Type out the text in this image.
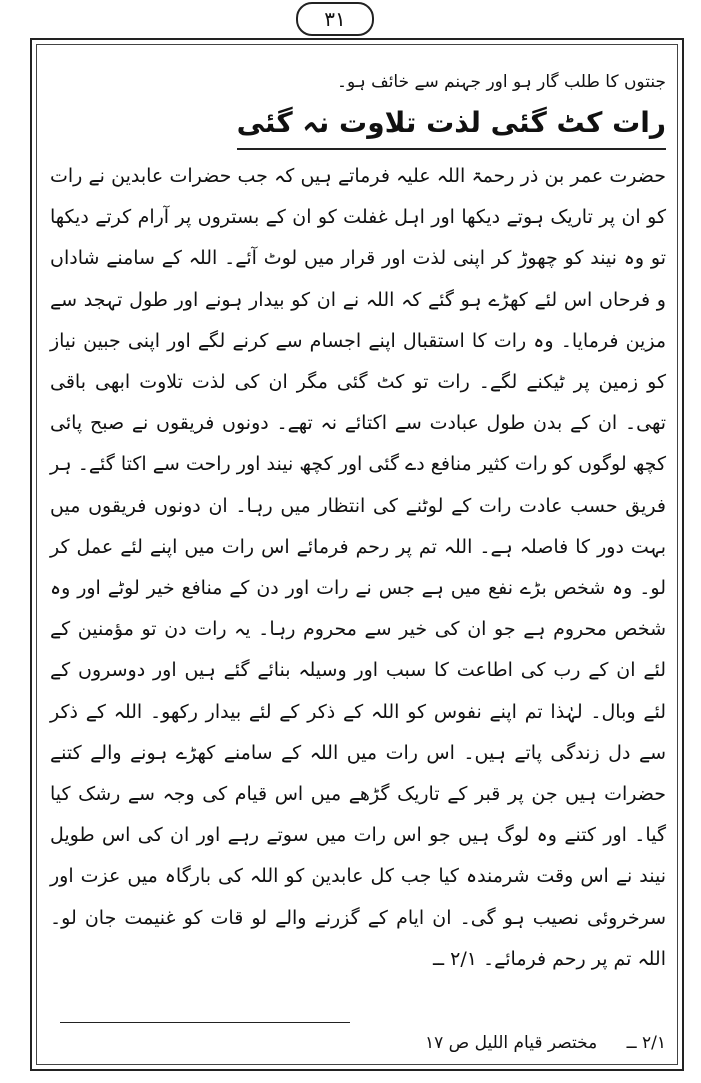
۳۱

جنتوں کا طلب گار ہو اور جہنم سے خائف ہو۔

رات کٹ گئی لذت تلاوت نہ گئی

حضرت عمر بن ذر رحمۃ اللہ علیہ فرماتے ہیں کہ جب حضرات عابدین نے رات کو ان پر تاریک ہوتے دیکھا اور اہل غفلت کو ان کے بستروں پر آرام کرتے دیکھا تو وہ نیند کو چھوڑ کر اپنی لذت اور قرار میں لوٹ آئے۔ اللہ کے سامنے شاداں و فرحاں اس لئے کھڑے ہو گئے کہ اللہ نے ان کو بیدار ہونے اور طول تہجد سے مزین فرمایا۔ وہ رات کا استقبال اپنے اجسام سے کرنے لگے اور اپنی جبین نیاز کو زمین پر ٹیکنے لگے۔ رات تو کٹ گئی مگر ان کی لذت تلاوت ابھی باقی تھی۔ ان کے بدن طول عبادت سے اکتائے نہ تھے۔ دونوں فریقوں نے صبح پائی کچھ لوگوں کو رات کثیر منافع دے گئی اور کچھ نیند اور راحت سے اکتا گئے۔ ہر فریق حسب عادت رات کے لوٹنے کی انتظار میں رہا۔ ان دونوں فریقوں میں بہت دور کا فاصلہ ہے۔ اللہ تم پر رحم فرمائے اس رات میں اپنے لئے عمل کر لو۔ وہ شخص بڑے نفع میں ہے جس نے رات اور دن کے منافع خیر لوٹے اور وہ شخص محروم ہے جو ان کی خیر سے محروم رہا۔ یہ رات دن تو مؤمنین کے لئے ان کے رب کی اطاعت کا سبب اور وسیلہ بنائے گئے ہیں اور دوسروں کے لئے وبال۔ لہٰذا تم اپنے نفوس کو اللہ کے ذکر کے لئے بیدار رکھو۔ اللہ کے ذکر سے دل زندگی پاتے ہیں۔ اس رات میں اللہ کے سامنے کھڑے ہونے والے کتنے حضرات ہیں جن پر قبر کے تاریک گڑھے میں اس قیام کی وجہ سے رشک کیا گیا۔ اور کتنے وہ لوگ ہیں جو اس رات میں سوتے رہے اور ان کی اس طویل نیند نے اس وقت شرمندہ کیا جب کل عابدین کو اللہ کی بارگاہ میں عزت اور سرخروئی نصیب ہو گی۔ ان ایام کے گزرنے والے لو قات کو غنیمت جان لو۔ اللہ تم پر رحم فرمائے۔ ۲/۱ ــ

۲/۱ ــ مختصر قیام اللیل ص ۱۷
